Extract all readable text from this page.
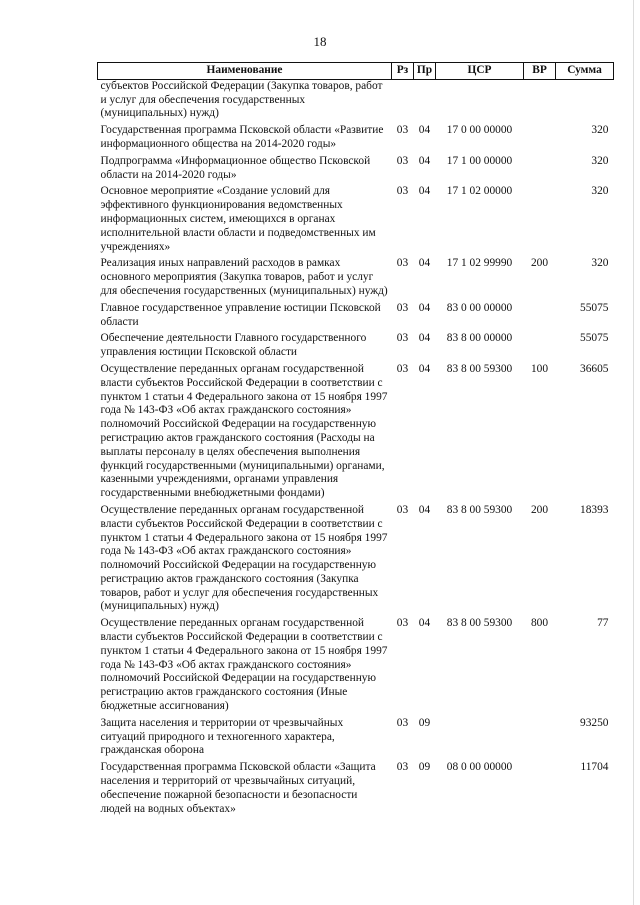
18
Наименование	Рз	Пр	ЦСР	ВР	Сумма
субъектов Российской Федерации (Закупка товаров, работ и услуг для обеспечения государственных (муниципальных) нужд)					
Государственная программа Псковской области «Развитие информационного общества на 2014-2020 годы»	03	04	17 0 00 00000		320
Подпрограмма «Информационное общество Псковской области на 2014-2020 годы»	03	04	17 1 00 00000		320
Основное мероприятие «Создание условий для эффективного функционирования ведомственных информационных систем, имеющихся в органах исполнительной власти области и подведомственных им учреждениях»	03	04	17 1 02 00000		320
Реализация иных направлений расходов в рамках основного мероприятия (Закупка товаров, работ и услуг для обеспечения государственных (муниципальных) нужд)	03	04	17 1 02 99990	200	320
Главное государственное управление юстиции Псковской области	03	04	83 0 00 00000		55075
Обеспечение деятельности Главного государственного управления юстиции Псковской области	03	04	83 8 00 00000		55075
Осуществление переданных органам государственной власти субъектов Российской Федерации в соответствии с пунктом 1 статьи 4 Федерального закона от 15 ноября 1997 года № 143-ФЗ «Об актах гражданского состояния» полномочий Российской Федерации на государственную регистрацию актов гражданского состояния (Расходы на выплаты персоналу в целях обеспечения выполнения функций государственными (муниципальными) органами, казенными учреждениями, органами управления государственными внебюджетными фондами)	03	04	83 8 00 59300	100	36605
Осуществление переданных органам государственной власти субъектов Российской Федерации в соответствии с пунктом 1 статьи 4 Федерального закона от 15 ноября 1997 года № 143-ФЗ «Об актах гражданского состояния» полномочий Российской Федерации на государственную регистрацию актов гражданского состояния (Закупка товаров, работ и услуг для обеспечения государственных (муниципальных) нужд)	03	04	83 8 00 59300	200	18393
Осуществление переданных органам государственной власти субъектов Российской Федерации в соответствии с пунктом 1 статьи 4 Федерального закона от 15 ноября 1997 года № 143-ФЗ «Об актах гражданского состояния» полномочий Российской Федерации на государственную регистрацию актов гражданского состояния (Иные бюджетные ассигнования)	03	04	83 8 00 59300	800	77
Защита населения и территории от чрезвычайных ситуаций природного и техногенного характера, гражданская оборона	03	09			93250
Государственная программа Псковской области «Защита населения и территорий от чрезвычайных ситуаций, обеспечение пожарной безопасности и безопасности людей на водных объектах»	03	09	08 0 00 00000		11704
